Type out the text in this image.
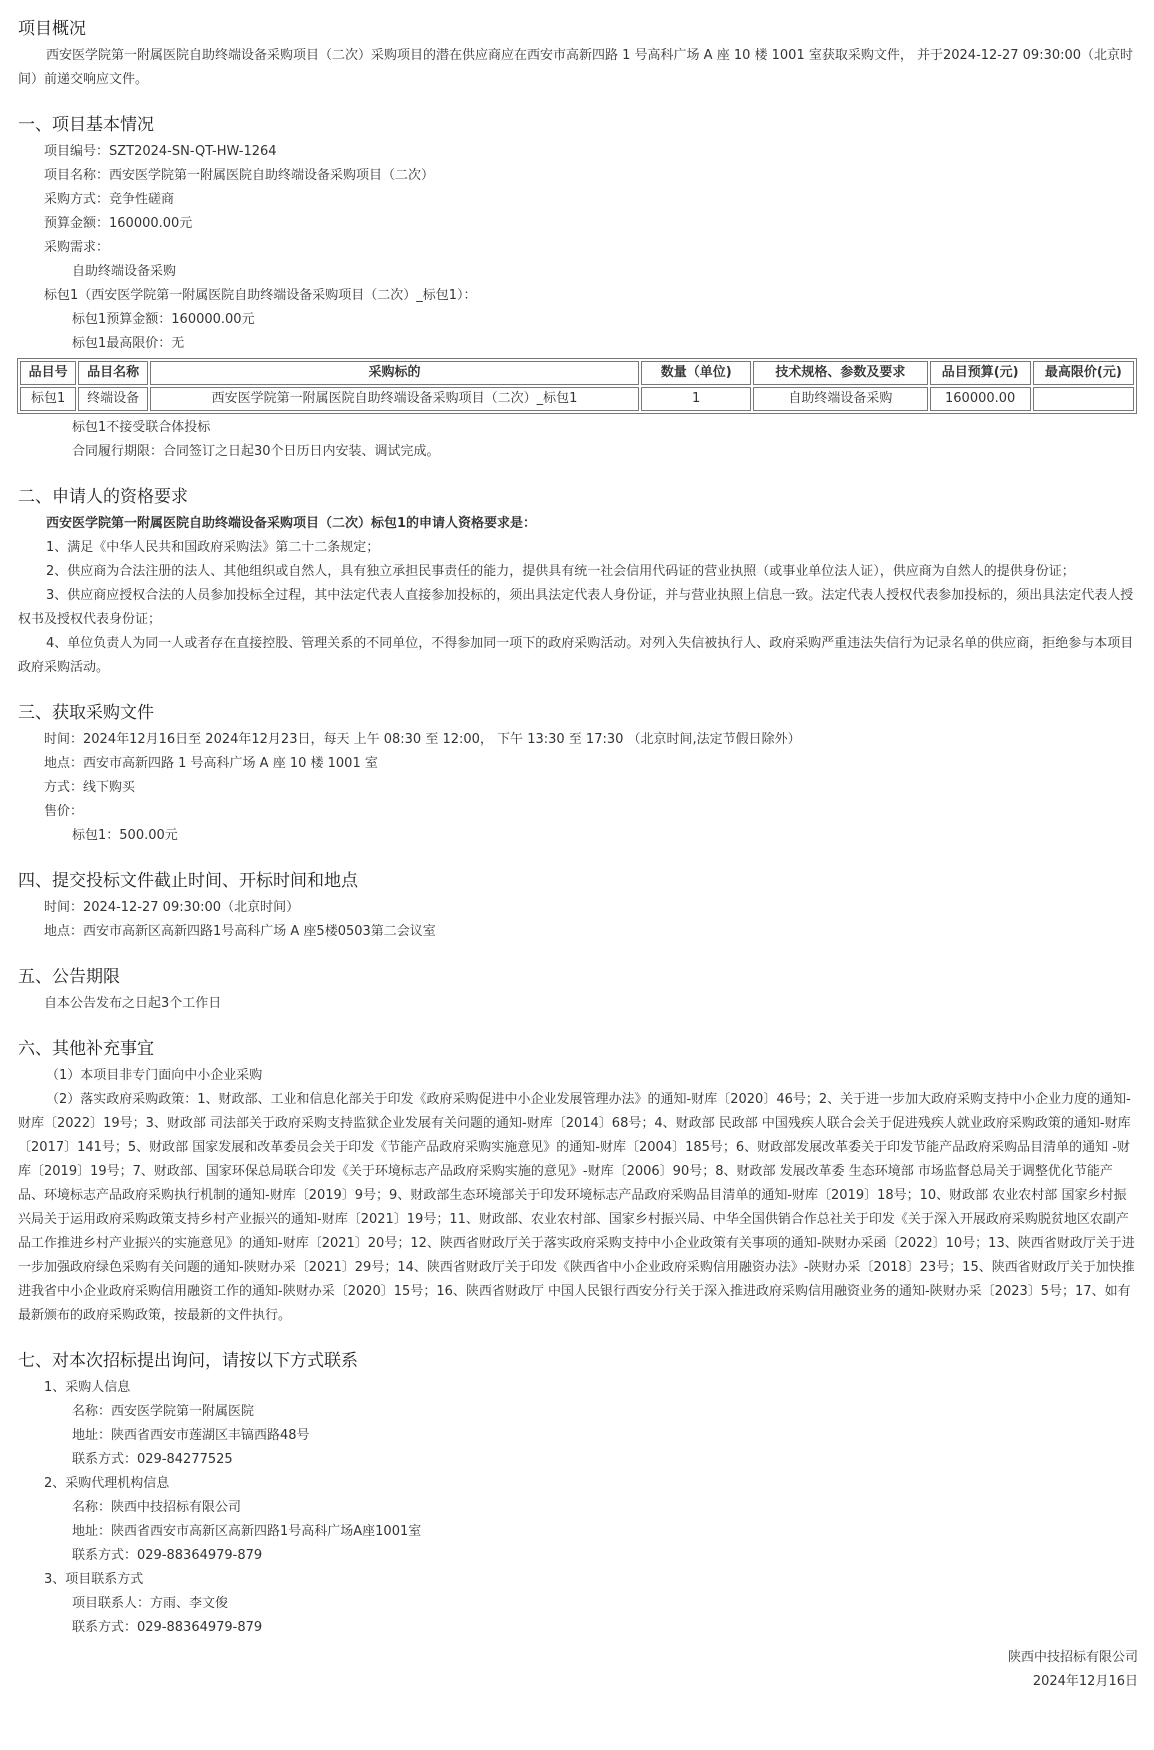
项目概况

西安医学院第一附属医院自助终端设备采购项目（二次）采购项目的潜在供应商应在西安市高新四路 1 号高科广场 A 座 10 楼 1001 室获取采购文件， 并于2024-12-27 09:30:00（北京时间）前递交响应文件。

一、项目基本情况

项目编号：SZT2024-SN-QT-HW-1264

项目名称：西安医学院第一附属医院自助终端设备采购项目（二次）

采购方式：竞争性磋商

预算金额：160000.00元

采购需求：

自助终端设备采购

标包1（西安医学院第一附属医院自助终端设备采购项目（二次）_标包1）：

标包1预算金额：160000.00元

标包1最高限价：无

品目号	品目名称	采购标的	数量（单位)	技术规格、参数及要求	品目预算(元)	最高限价(元)
标包1	终端设备	西安医学院第一附属医院自助终端设备采购项目（二次）_标包1	1	自助终端设备采购	160000.00	

标包1不接受联合体投标

合同履行期限：合同签订之日起30个日历日内安装、调试完成。

二、申请人的资格要求

西安医学院第一附属医院自助终端设备采购项目（二次）标包1的申请人资格要求是：

1、满足《中华人民共和国政府采购法》第二十二条规定；

2、供应商为合法注册的法人、其他组织或自然人，具有独立承担民事责任的能力，提供具有统一社会信用代码证的营业执照（或事业单位法人证），供应商为自然人的提供身份证；

3、供应商应授权合法的人员参加投标全过程，其中法定代表人直接参加投标的，须出具法定代表人身份证，并与营业执照上信息一致。法定代表人授权代表参加投标的，须出具法定代表人授权书及授权代表身份证；

4、单位负责人为同一人或者存在直接控股、管理关系的不同单位，不得参加同一项下的政府采购活动。对列入失信被执行人、政府采购严重违法失信行为记录名单的供应商，拒绝参与本项目政府采购活动。

三、获取采购文件

时间：2024年12月16日至 2024年12月23日，每天 上午 08:30 至 12:00， 下午 13:30 至 17:30 （北京时间,法定节假日除外）

地点：西安市高新四路 1 号高科广场 A 座 10 楼 1001 室

方式：线下购买

售价：

标包1：500.00元

四、提交投标文件截止时间、开标时间和地点

时间：2024-12-27 09:30:00（北京时间）

地点：西安市高新区高新四路1号高科广场 A 座5楼0503第二会议室

五、公告期限

自本公告发布之日起3个工作日

六、其他补充事宜

（1）本项目非专门面向中小企业采购

（2）落实政府采购政策：1、财政部、工业和信息化部关于印发《政府采购促进中小企业发展管理办法》的通知-财库〔2020〕46号；2、关于进一步加大政府采购支持中小企业力度的通知-财库〔2022〕19号；3、财政部 司法部关于政府采购支持监狱企业发展有关问题的通知-财库〔2014〕68号；4、财政部 民政部 中国残疾人联合会关于促进残疾人就业政府采购政策的通知-财库〔2017〕141号；5、财政部 国家发展和改革委员会关于印发《节能产品政府采购实施意见》的通知-财库〔2004〕185号；6、财政部发展改革委关于印发节能产品政府采购品目清单的通知 -财库〔2019〕19号；7、财政部、国家环保总局联合印发《关于环境标志产品政府采购实施的意见》-财库〔2006〕90号；8、财政部 发展改革委 生态环境部 市场监督总局关于调整优化节能产品、环境标志产品政府采购执行机制的通知-财库〔2019〕9号；9、财政部生态环境部关于印发环境标志产品政府采购品目清单的通知-财库〔2019〕18号；10、财政部 农业农村部 国家乡村振兴局关于运用政府采购政策支持乡村产业振兴的通知-财库〔2021〕19号；11、财政部、农业农村部、国家乡村振兴局、中华全国供销合作总社关于印发《关于深入开展政府采购脱贫地区农副产品工作推进乡村产业振兴的实施意见》的通知-财库〔2021〕20号；12、陕西省财政厅关于落实政府采购支持中小企业政策有关事项的通知-陕财办采函〔2022〕10号；13、陕西省财政厅关于进一步加强政府绿色采购有关问题的通知-陕财办采〔2021〕29号；14、陕西省财政厅关于印发《陕西省中小企业政府采购信用融资办法》-陕财办采〔2018〕23号；15、陕西省财政厅关于加快推进我省中小企业政府采购信用融资工作的通知-陕财办采〔2020〕15号；16、陕西省财政厅 中国人民银行西安分行关于深入推进政府采购信用融资业务的通知-陕财办采〔2023〕5号；17、如有最新颁布的政府采购政策，按最新的文件执行。

七、对本次招标提出询问，请按以下方式联系

1、采购人信息

名称：西安医学院第一附属医院

地址：陕西省西安市莲湖区丰镐西路48号

联系方式：029-84277525

2、采购代理机构信息

名称：陕西中技招标有限公司

地址：陕西省西安市高新区高新四路1号高科广场A座1001室

联系方式：029-88364979-879

3、项目联系方式

项目联系人：方雨、李文俊

联系方式：029-88364979-879

陕西中技招标有限公司

2024年12月16日
